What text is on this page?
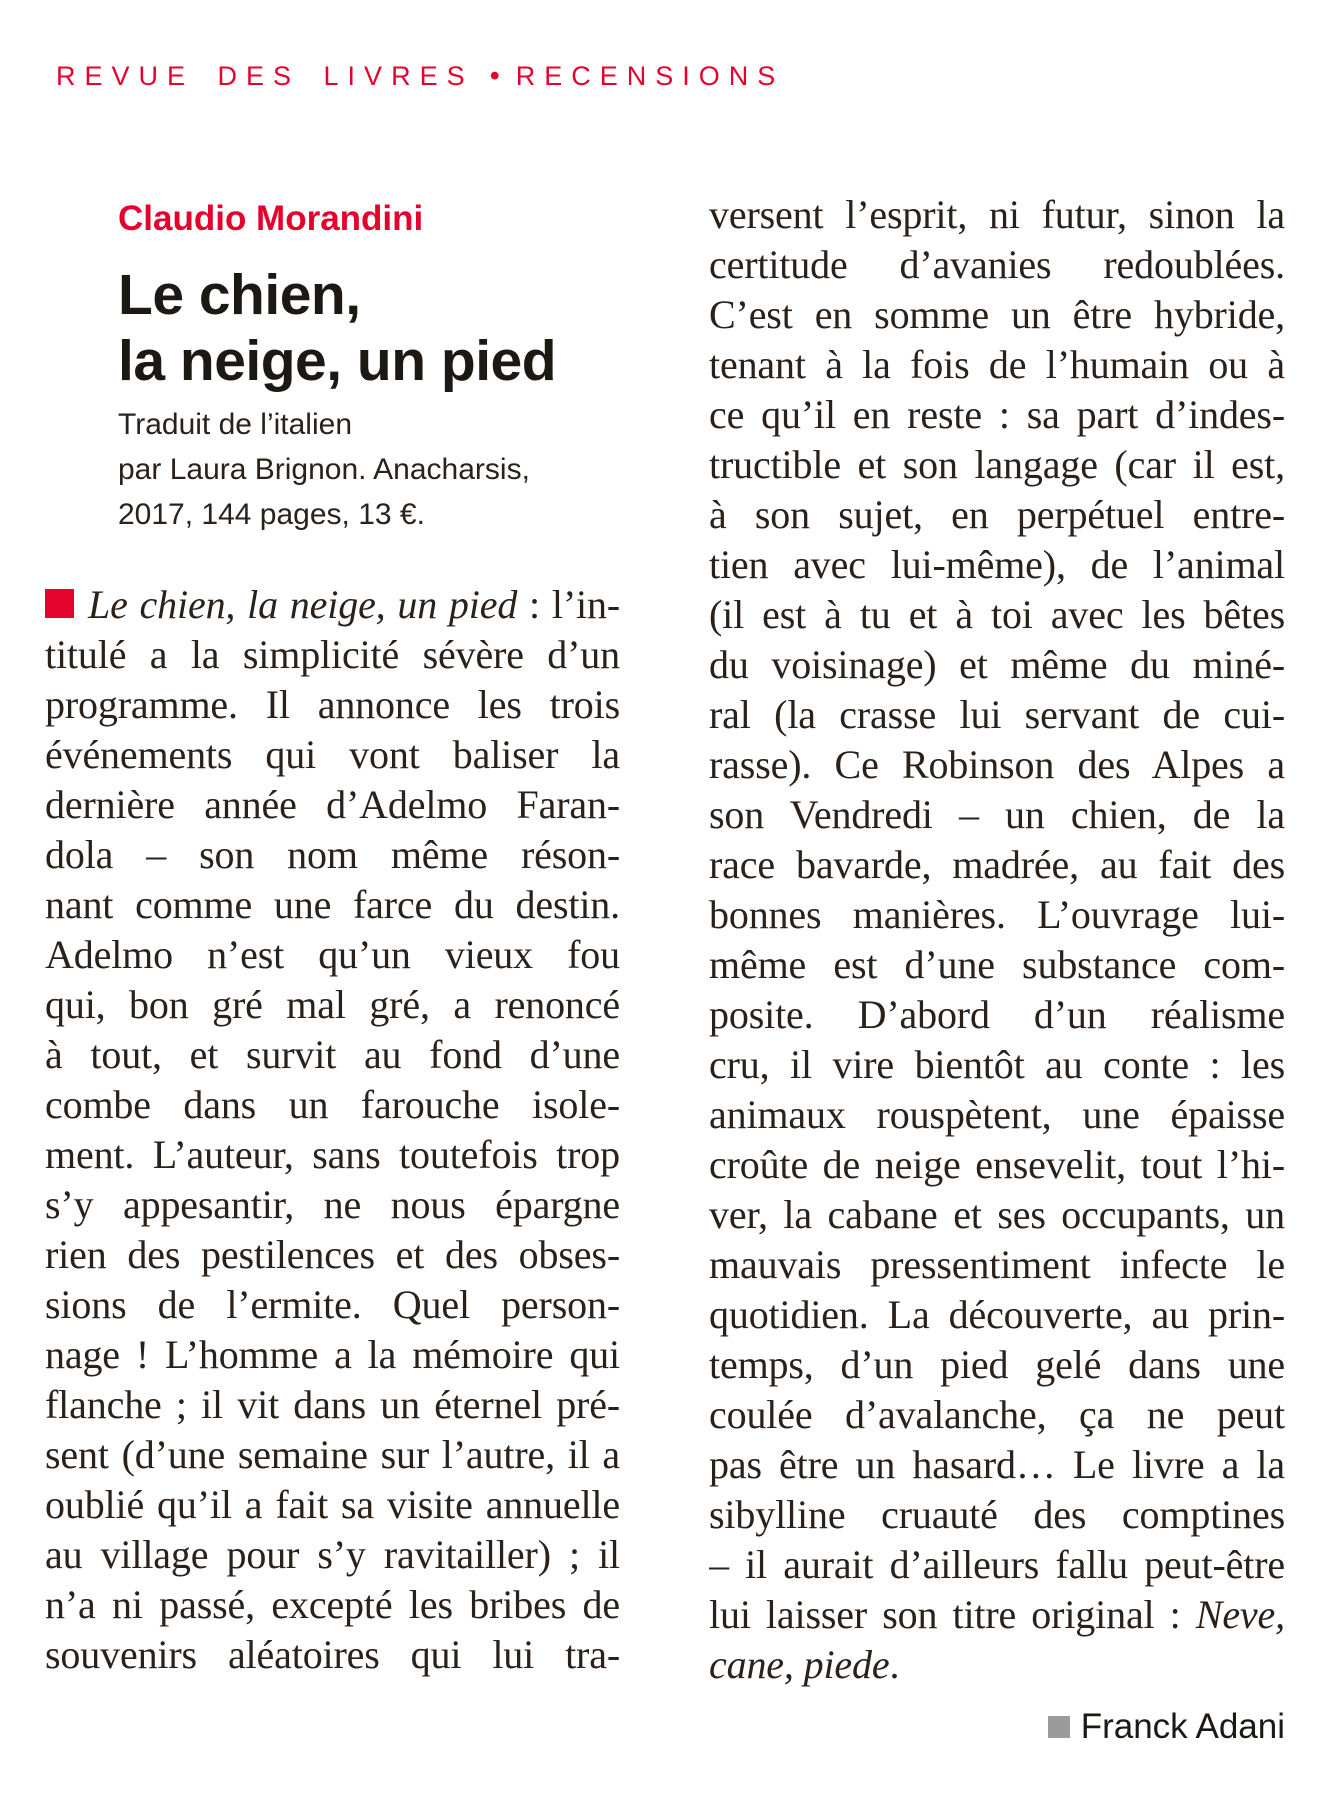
REVUE DES LIVRES • RECENSIONS
Claudio Morandini
Le chien,
la neige, un pied
Traduit de l’italien
par Laura Brignon. Anacharsis,
2017, 144 pages, 13 €.
Le chien, la neige, un pied : l’in-
titulé a la simplicité sévère d’un
programme. Il annonce les trois
événements qui vont baliser la
dernière année d’Adelmo Faran-
dola – son nom même réson-
nant comme une farce du destin.
Adelmo n’est qu’un vieux fou
qui, bon gré mal gré, a renoncé
à tout, et survit au fond d’une
combe dans un farouche isole-
ment. L’auteur, sans toutefois trop
s’y appesantir, ne nous épargne
rien des pestilences et des obses-
sions de l’ermite. Quel person-
nage ! L’homme a la mémoire qui
flanche ; il vit dans un éternel pré-
sent (d’une semaine sur l’autre, il a
oublié qu’il a fait sa visite annuelle
au village pour s’y ravitailler) ; il
n’a ni passé, excepté les bribes de
souvenirs aléatoires qui lui tra-
versent l’esprit, ni futur, sinon la
certitude d’avanies redoublées.
C’est en somme un être hybride,
tenant à la fois de l’humain ou à
ce qu’il en reste : sa part d’indes-
tructible et son langage (car il est,
à son sujet, en perpétuel entre-
tien avec lui-même), de l’animal
(il est à tu et à toi avec les bêtes
du voisinage) et même du miné-
ral (la crasse lui servant de cui-
rasse). Ce Robinson des Alpes a
son Vendredi – un chien, de la
race bavarde, madrée, au fait des
bonnes manières. L’ouvrage lui-
même est d’une substance com-
posite. D’abord d’un réalisme
cru, il vire bientôt au conte : les
animaux rouspètent, une épaisse
croûte de neige ensevelit, tout l’hi-
ver, la cabane et ses occupants, un
mauvais pressentiment infecte le
quotidien. La découverte, au prin-
temps, d’un pied gelé dans une
coulée d’avalanche, ça ne peut
pas être un hasard… Le livre a la
sibylline cruauté des comptines
– il aurait d’ailleurs fallu peut-être
lui laisser son titre original : Neve,
cane, piede.
Franck Adani
